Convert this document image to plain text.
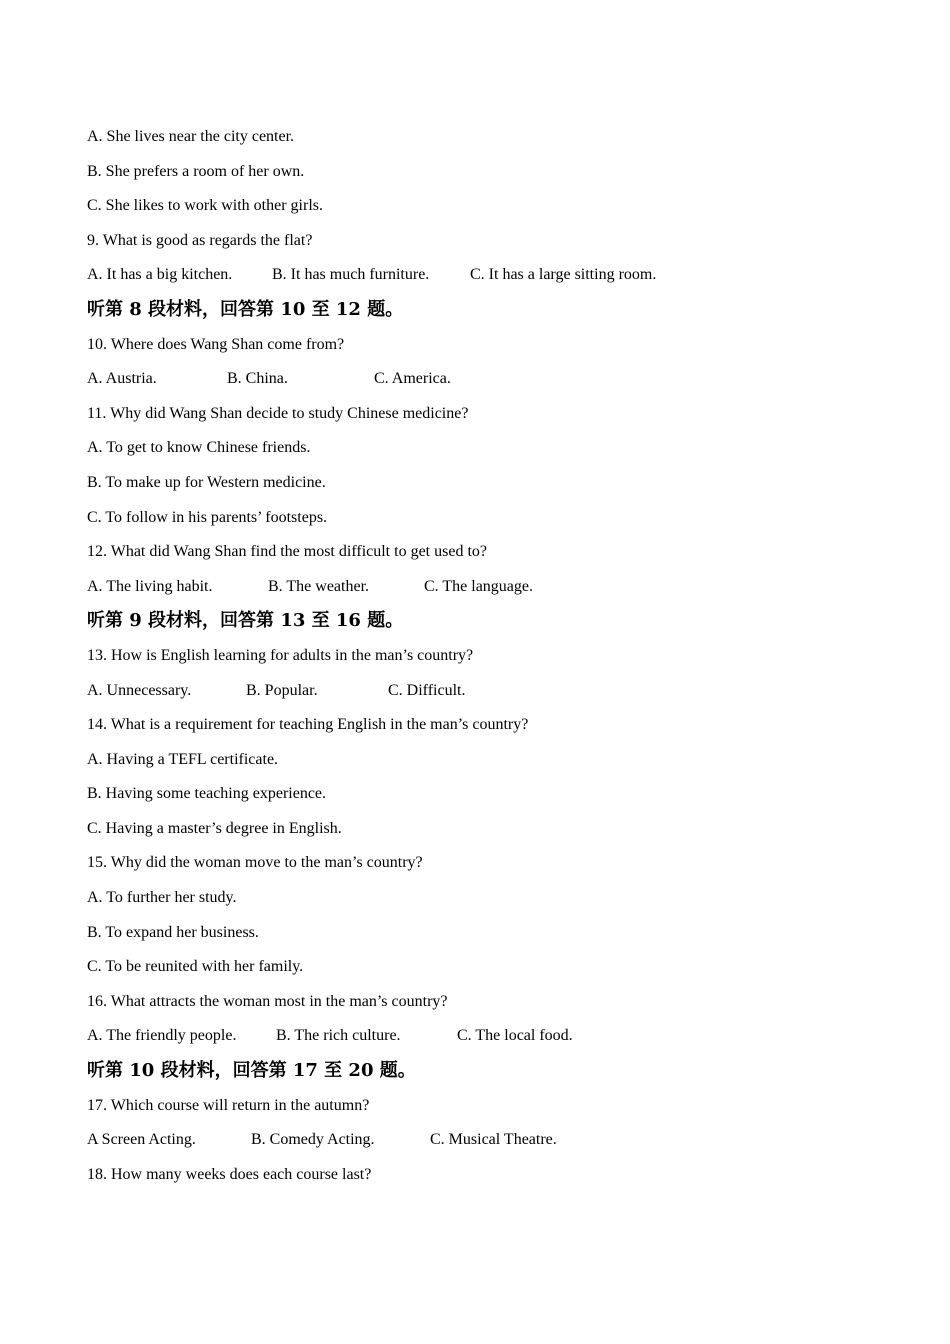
A. She lives near the city center.
B. She prefers a room of her own.
C. She likes to work with other girls.
9. What is good as regards the flat?
A. It has a big kitchen. B. It has much furniture.	C. It has a large sitting room.
听第 8 段材料，回答第 10 至 12 题。
10. Where does Wang Shan come from?
A. Austria.	B. China.	C. America.
11. Why did Wang Shan decide to study Chinese medicine?
A. To get to know Chinese friends.
B. To make up for Western medicine.
C. To follow in his parents’ footsteps.
12. What did Wang Shan find the most difficult to get used to?
A. The living habit.	B. The weather.	C. The language.
听第 9 段材料，回答第 13 至 16 题。
13. How is English learning for adults in the man’s country?
A. Unnecessary.	B. Popular.	C. Difficult.
14. What is a requirement for teaching English in the man’s country?
A. Having a TEFL certificate.
B. Having some teaching experience.
C. Having a master’s degree in English.
15. Why did the woman move to the man’s country?
A. To further her study.
B. To expand her business.
C. To be reunited with her family.
16. What attracts the woman most in the man’s country?
A. The friendly people. B. The rich culture.	C. The local food.
听第 10 段材料，回答第 17 至 20 题。
17. Which course will return in the autumn?
A Screen Acting.	B. Comedy Acting.	C. Musical Theatre.
18. How many weeks does each course last?
